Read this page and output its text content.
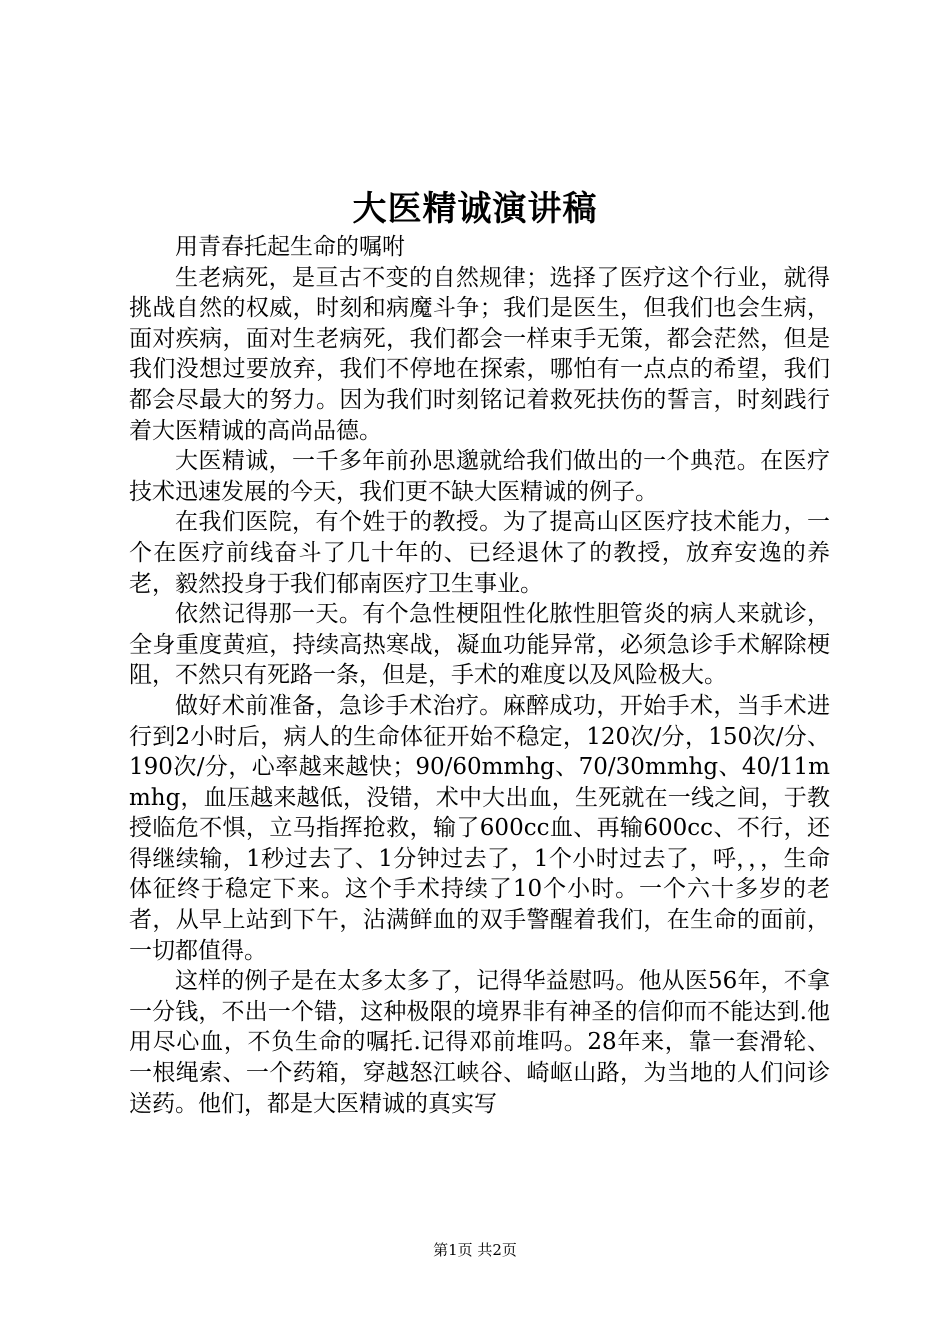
大医精诚演讲稿

用青春托起生命的嘱咐

生老病死，是亘古不变的自然规律；选择了医疗这个行业，就得挑战自然的权威，时刻和病魔斗争；我们是医生，但我们也会生病，面对疾病，面对生老病死，我们都会一样束手无策，都会茫然，但是我们没想过要放弃，我们不停地在探索，哪怕有一点点的希望，我们都会尽最大的努力。因为我们时刻铭记着救死扶伤的誓言，时刻践行着大医精诚的高尚品德。

大医精诚，一千多年前孙思邈就给我们做出的一个典范。在医疗技术迅速发展的今天，我们更不缺大医精诚的例子。

在我们医院，有个姓于的教授。为了提高山区医疗技术能力，一个在医疗前线奋斗了几十年的、已经退休了的教授，放弃安逸的养老，毅然投身于我们郁南医疗卫生事业。

依然记得那一天。有个急性梗阻性化脓性胆管炎的病人来就诊，全身重度黄疸，持续高热寒战，凝血功能异常，必须急诊手术解除梗阻，不然只有死路一条，但是，手术的难度以及风险极大。

做好术前准备，急诊手术治疗。麻醉成功，开始手术，当手术进行到2小时后，病人的生命体征开始不稳定，120次/分，150次/分、190次/分，心率越来越快；90/60mmhg、70/30mmhg、40/11mmhg，血压越来越低，没错，术中大出血，生死就在一线之间，于教授临危不惧，立马指挥抢救，输了600cc血、再输600cc、不行，还得继续输，1秒过去了、1分钟过去了，1个小时过去了，呼，，，生命体征终于稳定下来。这个手术持续了10个小时。一个六十多岁的老者，从早上站到下午，沾满鲜血的双手警醒着我们，在生命的面前，一切都值得。

这样的例子是在太多太多了，记得华益慰吗。他从医56年，不拿一分钱，不出一个错，这种极限的境界非有神圣的信仰而不能达到.他用尽心血，不负生命的嘱托.记得邓前堆吗。28年来，靠一套滑轮、一根绳索、一个药箱，穿越怒江峡谷、崎岖山路，为当地的人们问诊送药。他们，都是大医精诚的真实写

第1页 共2页
